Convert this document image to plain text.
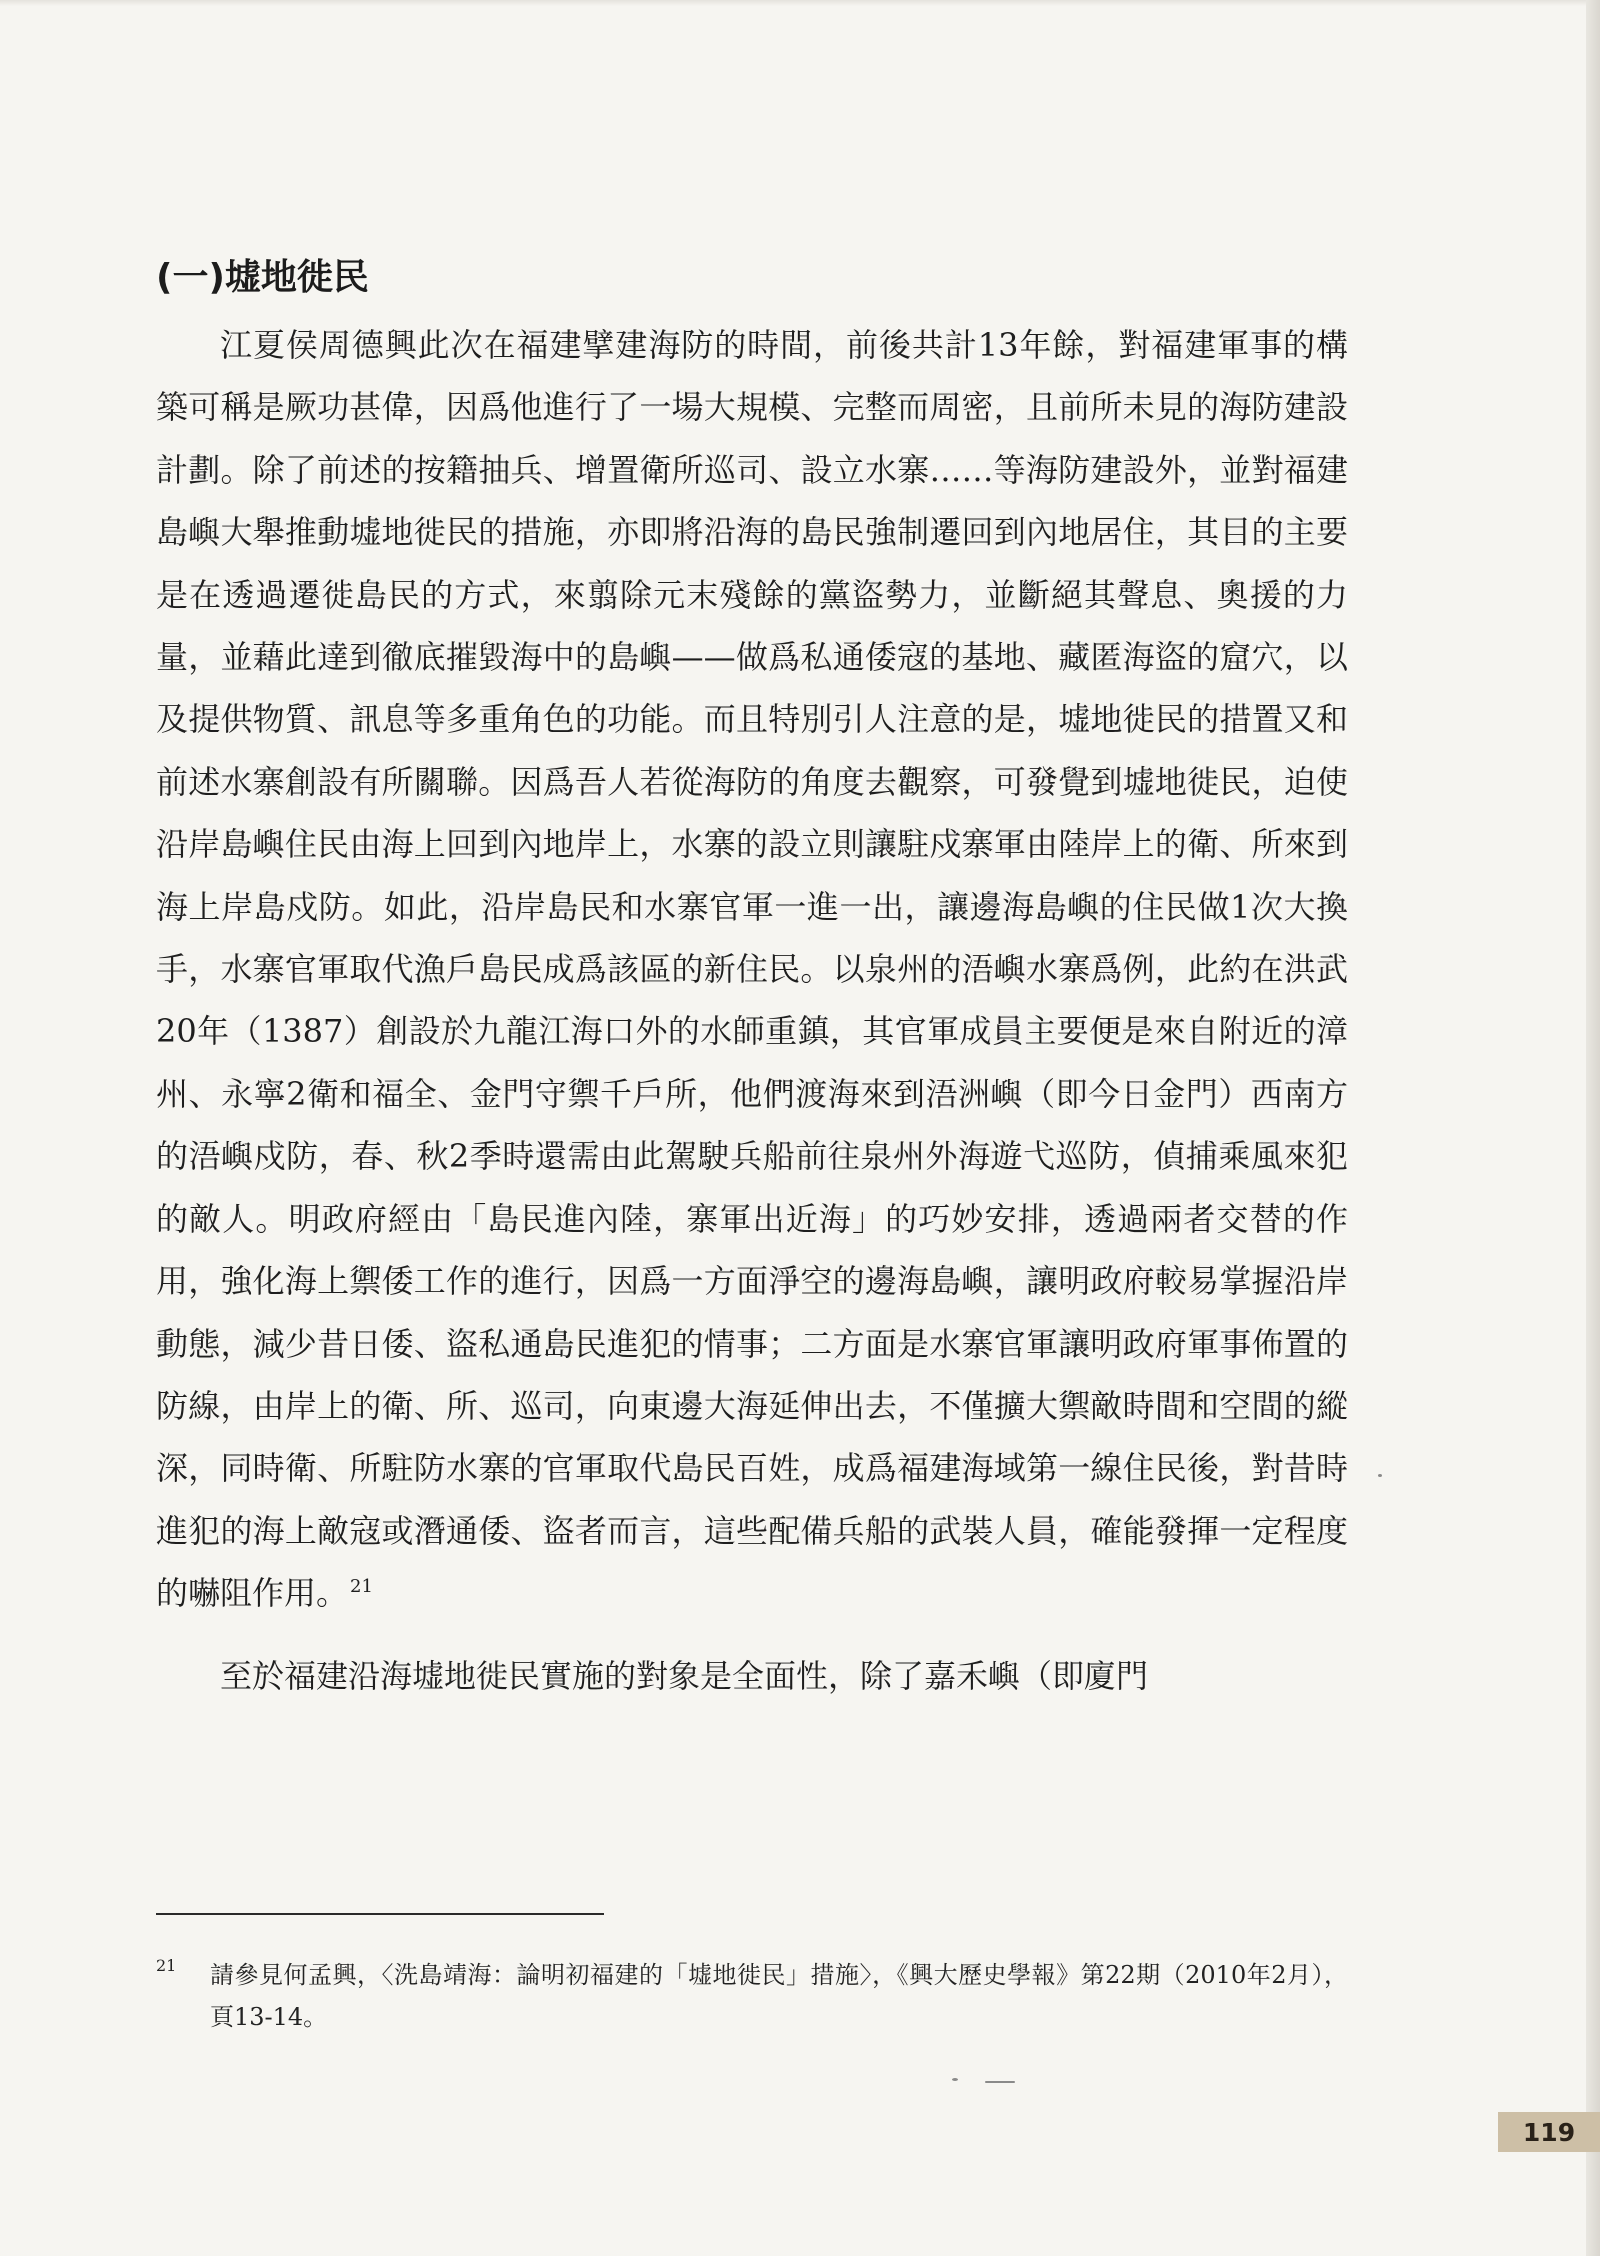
(一)墟地徙民

江夏侯周德興此次在福建擘建海防的時間，前後共計13年餘，對福建軍事的構築可稱是厥功甚偉，因爲他進行了一場大規模、完整而周密，且前所未見的海防建設計劃。除了前述的按籍抽兵、增置衛所巡司、設立水寨……等海防建設外，並對福建島嶼大舉推動墟地徙民的措施，亦即將沿海的島民強制遷回到內地居住，其目的主要是在透過遷徙島民的方式，來翦除元末殘餘的黨盜勢力，並斷絕其聲息、奧援的力量，並藉此達到徹底摧毀海中的島嶼——做爲私通倭寇的基地、藏匿海盜的窟穴，以及提供物質、訊息等多重角色的功能。而且特別引人注意的是，墟地徙民的措置又和前述水寨創設有所關聯。因爲吾人若從海防的角度去觀察，可發覺到墟地徙民，迫使沿岸島嶼住民由海上回到內地岸上，水寨的設立則讓駐戍寨軍由陸岸上的衛、所來到海上岸島戍防。如此，沿岸島民和水寨官軍一進一出，讓邊海島嶼的住民做1次大換手，水寨官軍取代漁戶島民成爲該區的新住民。以泉州的浯嶼水寨爲例，此約在洪武20年（1387）創設於九龍江海口外的水師重鎮，其官軍成員主要便是來自附近的漳州、永寧2衛和福全、金門守禦千戶所，他們渡海來到浯洲嶼（即今日金門）西南方的浯嶼戍防，春、秋2季時還需由此駕駛兵船前往泉州外海遊弋巡防，偵捕乘風來犯的敵人。明政府經由「島民進內陸，寨軍出近海」的巧妙安排，透過兩者交替的作用，強化海上禦倭工作的進行，因爲一方面淨空的邊海島嶼，讓明政府較易掌握沿岸動態，減少昔日倭、盜私通島民進犯的情事；二方面是水寨官軍讓明政府軍事佈置的防線，由岸上的衛、所、巡司，向東邊大海延伸出去，不僅擴大禦敵時間和空間的縱深，同時衛、所駐防水寨的官軍取代島民百姓，成爲福建海域第一線住民後，對昔時進犯的海上敵寇或潛通倭、盜者而言，這些配備兵船的武裝人員，確能發揮一定程度的嚇阻作用。 $^{21}$

至於福建沿海墟地徙民實施的對象是全面性，除了嘉禾嶼（即廈門

21	請參見何孟興，〈洗島靖海：論明初福建的「墟地徙民」措施〉，《興大歷史學報》第22期（2010年2月），頁13-14。

119
